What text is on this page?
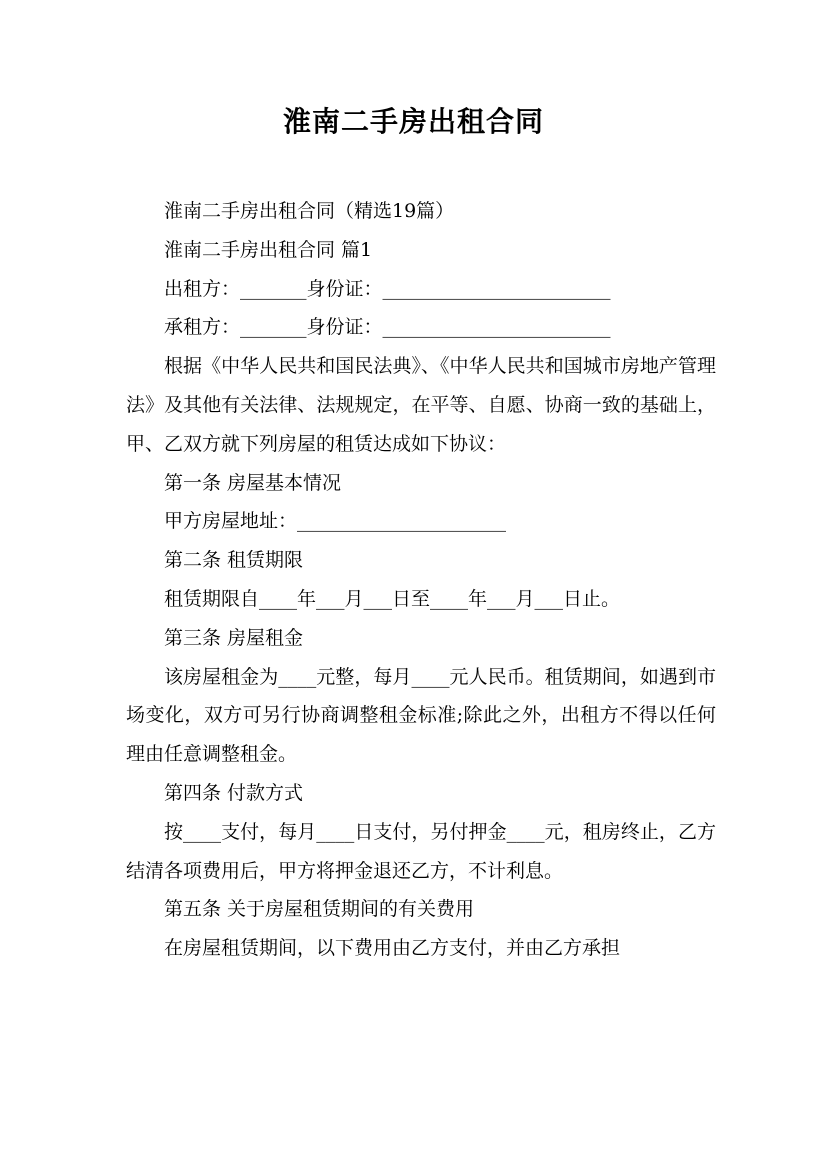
淮南二手房出租合同

淮南二手房出租合同（精选19篇）

淮南二手房出租合同 篇1

出租方：_______身份证：________________________

承租方：_______身份证：________________________

根据《中华人民共和国民法典》、《中华人民共和国城市房地产管理法》及其他有关法律、法规规定，在平等、自愿、协商一致的基础上，甲、乙双方就下列房屋的租赁达成如下协议：

第一条 房屋基本情况

甲方房屋地址：______________________

第二条 租赁期限

租赁期限自____年___月___日至____年___月___日止。

第三条 房屋租金

该房屋租金为____元整，每月____元人民币。租赁期间，如遇到市场变化，双方可另行协商调整租金标准;除此之外，出租方不得以任何理由任意调整租金。

第四条 付款方式

按____支付，每月____日支付，另付押金____元，租房终止，乙方结清各项费用后，甲方将押金退还乙方，不计利息。

第五条 关于房屋租赁期间的有关费用

在房屋租赁期间，以下费用由乙方支付，并由乙方承担
